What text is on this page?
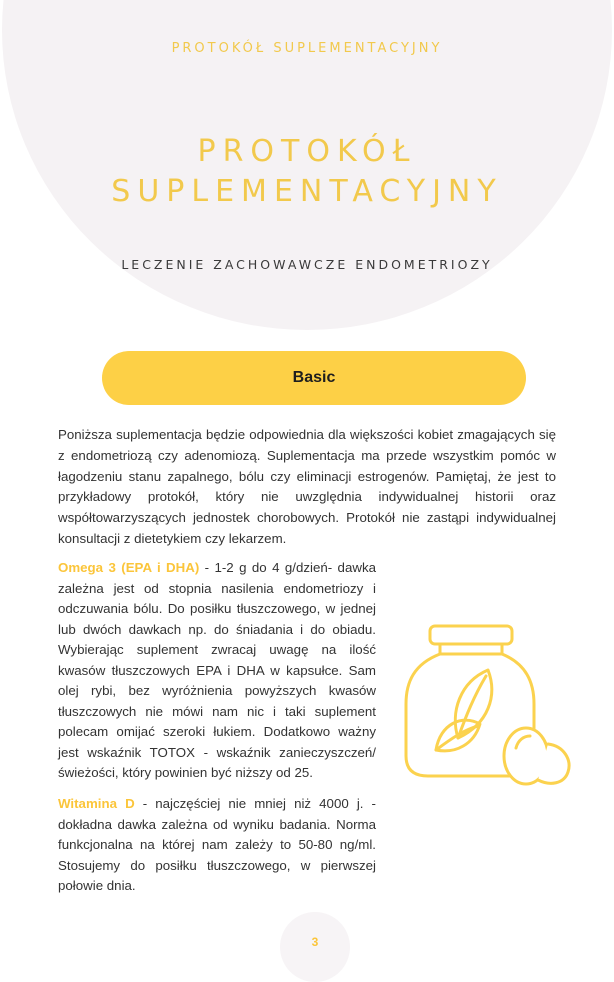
PROTOKÓŁ SUPLEMENTACYJNY
PROTOKÓŁ
SUPLEMENTACYJNY
LECZENIE ZACHOWAWCZE ENDOMETRIOZY
Basic

Poniższa suplementacja będzie odpowiednia dla większości kobiet zmagających się z endometriozą czy adenomiozą. Suplementacja ma przede wszystkim pomóc w łagodzeniu stanu zapalnego, bólu czy eliminacji estrogenów. Pamiętaj, że jest to przykładowy protokół, który nie uwzględnia indywidualnej historii oraz współtowarzyszących jednostek chorobowych. Protokół nie zastąpi indywidualnej konsultacji z dietetykiem czy lekarzem.

Omega 3 (EPA i DHA) - 1-2 g do 4 g/dzień- dawka zależna jest od stopnia nasilenia endometriozy i odczuwania bólu. Do posiłku tłuszczowego, w jednej lub dwóch dawkach np. do śniadania i do obiadu. Wybierając suplement zwracaj uwagę na ilość kwasów tłuszczowych EPA i DHA w kapsułce. Sam olej rybi, bez wyróżnienia powyższych kwasów tłuszczowych nie mówi nam nic i taki suplement polecam omijać szeroki łukiem. Dodatkowo ważny jest wskaźnik TOTOX - wskaźnik zanieczyszczeń/świeżości, który powinien być niższy od 25.

Witamina D - najczęściej nie mniej niż 4000 j. - dokładna dawka zależna od wyniku badania. Norma funkcjonalna na której nam zależy to 50-80 ng/ml. Stosujemy do posiłku tłuszczowego, w pierwszej połowie dnia.

3
